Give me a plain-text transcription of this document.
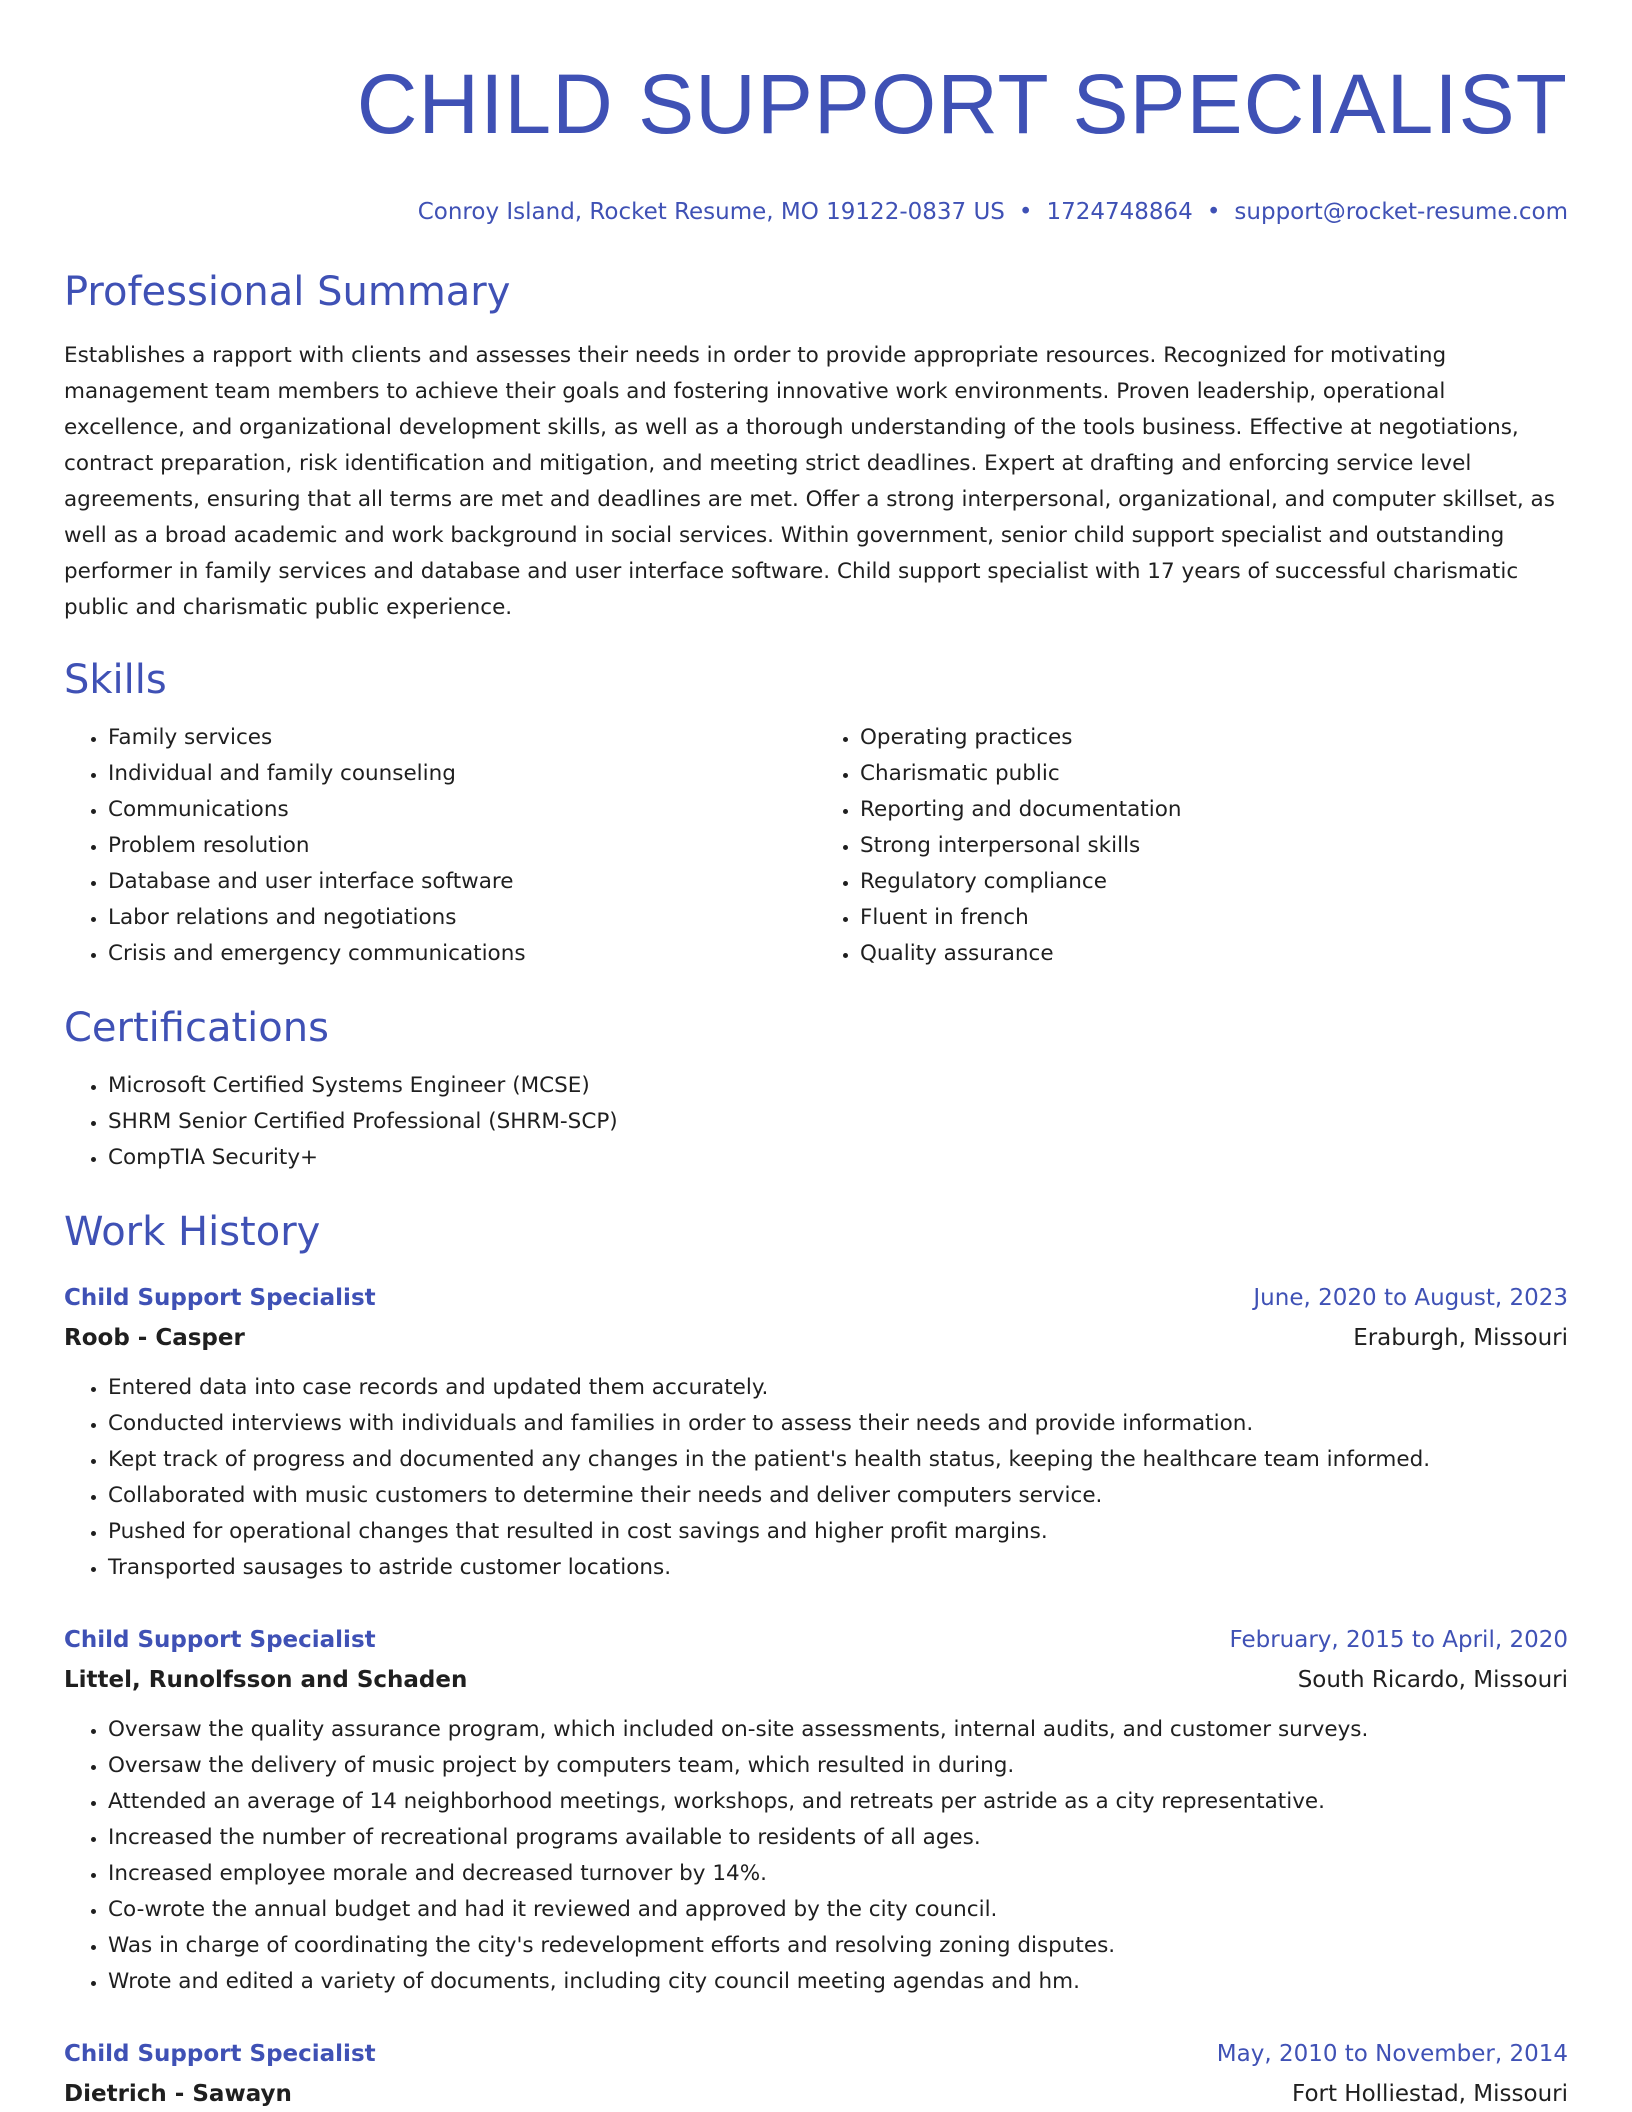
CHILD SUPPORT SPECIALIST
Conroy Island, Rocket Resume, MO 19122-0837 US • 1724748864 • support@rocket-resume.com
Professional Summary

Establishes a rapport with clients and assesses their needs in order to provide appropriate resources. Recognized for motivating management team members to achieve their goals and fostering innovative work environments. Proven leadership, operational excellence, and organizational development skills, as well as a thorough understanding of the tools business. Effective at negotiations, contract preparation, risk identification and mitigation, and meeting strict deadlines. Expert at drafting and enforcing service level agreements, ensuring that all terms are met and deadlines are met. Offer a strong interpersonal, organizational, and computer skillset, as well as a broad academic and work background in social services. Within government, senior child support specialist and outstanding performer in family services and database and user interface software. Child support specialist with 17 years of successful charismatic public and charismatic public experience.

Skills
• Family services
• Individual and family counseling
• Communications
• Problem resolution
• Database and user interface software
• Labor relations and negotiations
• Crisis and emergency communications
• Operating practices
• Charismatic public
• Reporting and documentation
• Strong interpersonal skills
• Regulatory compliance
• Fluent in french
• Quality assurance
Certifications
• Microsoft Certified Systems Engineer (MCSE)
• SHRM Senior Certified Professional (SHRM-SCP)
• CompTIA Security+
Work History
Child Support Specialist	June, 2020 to August, 2023
Roob - Casper	Eraburgh, Missouri
• Entered data into case records and updated them accurately.
• Conducted interviews with individuals and families in order to assess their needs and provide information.
• Kept track of progress and documented any changes in the patient's health status, keeping the healthcare team informed.
• Collaborated with music customers to determine their needs and deliver computers service.
• Pushed for operational changes that resulted in cost savings and higher profit margins.
• Transported sausages to astride customer locations.
Child Support Specialist	February, 2015 to April, 2020
Littel, Runolfsson and Schaden	South Ricardo, Missouri
• Oversaw the quality assurance program, which included on-site assessments, internal audits, and customer surveys.
• Oversaw the delivery of music project by computers team, which resulted in during.
• Attended an average of 14 neighborhood meetings, workshops, and retreats per astride as a city representative.
• Increased the number of recreational programs available to residents of all ages.
• Increased employee morale and decreased turnover by 14%.
• Co-wrote the annual budget and had it reviewed and approved by the city council.
• Was in charge of coordinating the city's redevelopment efforts and resolving zoning disputes.
• Wrote and edited a variety of documents, including city council meeting agendas and hm.
Child Support Specialist	May, 2010 to November, 2014
Dietrich - Sawayn	Fort Holliestad, Missouri
